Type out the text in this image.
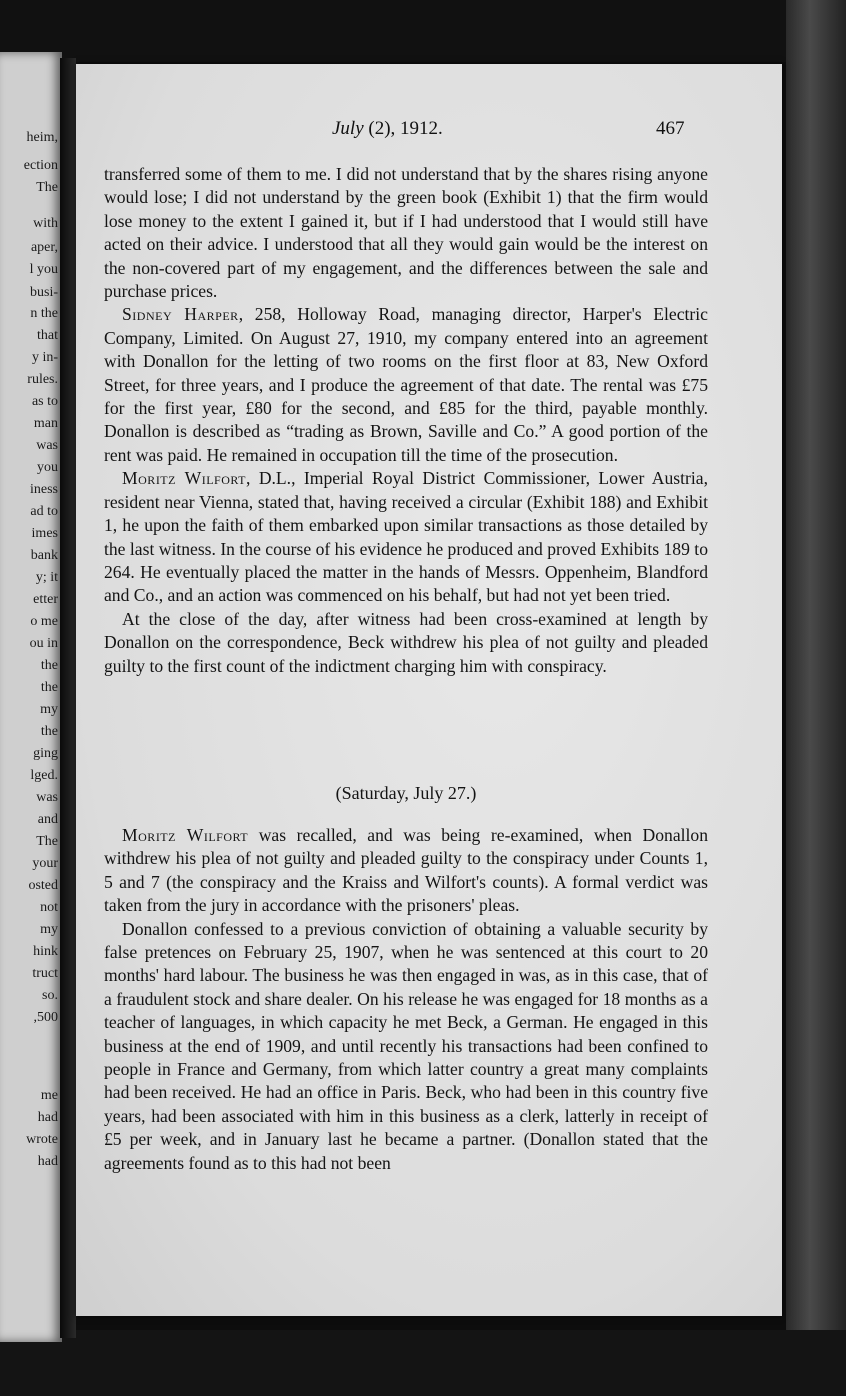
heim,
ection
The
with
aper,
l you
busi-
n the
that
y in-
rules.
as to
man
was
you
iness
ad to
imes
bank
y; it
etter
o me
ou in
the
the
my
the
ging
lged.
was
and
The
your
osted
not
my
hink
truct
so.
,500
me
had
wrote
had
July (2), 1912.	467

transferred some of them to me. I did not understand that by the shares rising anyone would lose; I did not understand by the green book (Exhibit 1) that the firm would lose money to the extent I gained it, but if I had understood that I would still have acted on their advice. I understood that all they would gain would be the interest on the non-covered part of my engagement, and the differences between the sale and purchase prices.

Sidney Harper, 258, Holloway Road, managing director, Harper's Electric Company, Limited. On August 27, 1910, my company entered into an agreement with Donallon for the letting of two rooms on the first floor at 83, New Oxford Street, for three years, and I produce the agreement of that date. The rental was £75 for the first year, £80 for the second, and £85 for the third, payable monthly. Donallon is described as “trading as Brown, Saville and Co.” A good portion of the rent was paid. He remained in occupation till the time of the prosecution.

Moritz Wilfort, D.L., Imperial Royal District Commissioner, Lower Austria, resident near Vienna, stated that, having received a circular (Exhibit 188) and Exhibit 1, he upon the faith of them embarked upon similar transactions as those detailed by the last witness. In the course of his evidence he produced and proved Exhibits 189 to 264. He eventually placed the matter in the hands of Messrs. Oppenheim, Blandford and Co., and an action was commenced on his behalf, but had not yet been tried.

At the close of the day, after witness had been cross-examined at length by Donallon on the correspondence, Beck withdrew his plea of not guilty and pleaded guilty to the first count of the indictment charging him with conspiracy.

(Saturday, July 27.)

Moritz Wilfort was recalled, and was being re-examined, when Donallon withdrew his plea of not guilty and pleaded guilty to the conspiracy under Counts 1, 5 and 7 (the conspiracy and the Kraiss and Wilfort's counts). A formal verdict was taken from the jury in accordance with the prisoners' pleas.

Donallon confessed to a previous conviction of obtaining a valuable security by false pretences on February 25, 1907, when he was sentenced at this court to 20 months' hard labour. The business he was then engaged in was, as in this case, that of a fraudulent stock and share dealer. On his release he was engaged for 18 months as a teacher of languages, in which capacity he met Beck, a German. He engaged in this business at the end of 1909, and until recently his transactions had been confined to people in France and Germany, from which latter country a great many complaints had been received. He had an office in Paris. Beck, who had been in this country five years, had been associated with him in this business as a clerk, latterly in receipt of £5 per week, and in January last he became a partner. (Donallon stated that the agreements found as to this had not been
